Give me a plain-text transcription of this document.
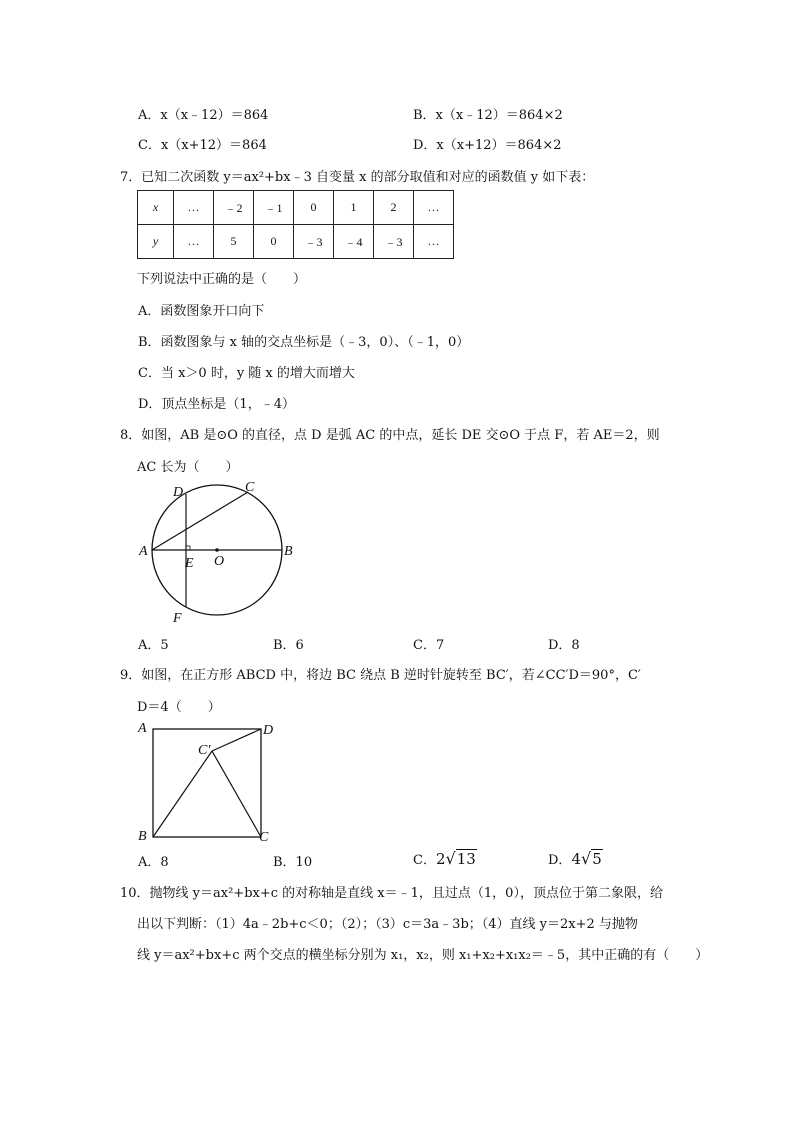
A．x（x﹣12）＝864	B．x（x﹣12）＝864×2
C．x（x+12）＝864	D．x（x+12）＝864×2
7．已知二次函数 y＝ax²+bx﹣3 自变量 x 的部分取值和对应的函数值 y 如下表：
x	…	﹣2	﹣1	0	1	2	…
y	…	5	0	﹣3	﹣4	﹣3	…
下列说法中正确的是（　　）
A．函数图象开口向下
B．函数图象与 x 轴的交点坐标是（﹣3，0）、（﹣1，0）
C．当 x＞0 时，y 随 x 的增大而增大
D．顶点坐标是（1，﹣4）
8．如图，AB 是⊙O 的直径，点 D 是弧 AC 的中点，延长 DE 交⊙O 于点 F，若 AE＝2，则
AC 长为（　　）
A	B
C
D
E O
F
A．5	B．6	C．7	D．8
9．如图，在正方形 ABCD 中，将边 BC 绕点 B 逆时针旋转至 BC′，若∠CC′D＝90°，C′
D＝4（　　）
A	D
B	C
C′
A．8	B．10	C．2√13	D．4√5
10．抛物线 y＝ax²+bx+c 的对称轴是直线 x＝﹣1，且过点（1，0），顶点位于第二象限，给
出以下判断：（1）4a﹣2b+c＜0；（2）；（3）c＝3a﹣3b；（4）直线 y＝2x+2 与抛物
线 y＝ax²+bx+c 两个交点的横坐标分别为 x₁，x₂，则 x₁+x₂+x₁x₂＝﹣5，其中正确的有（　　）
